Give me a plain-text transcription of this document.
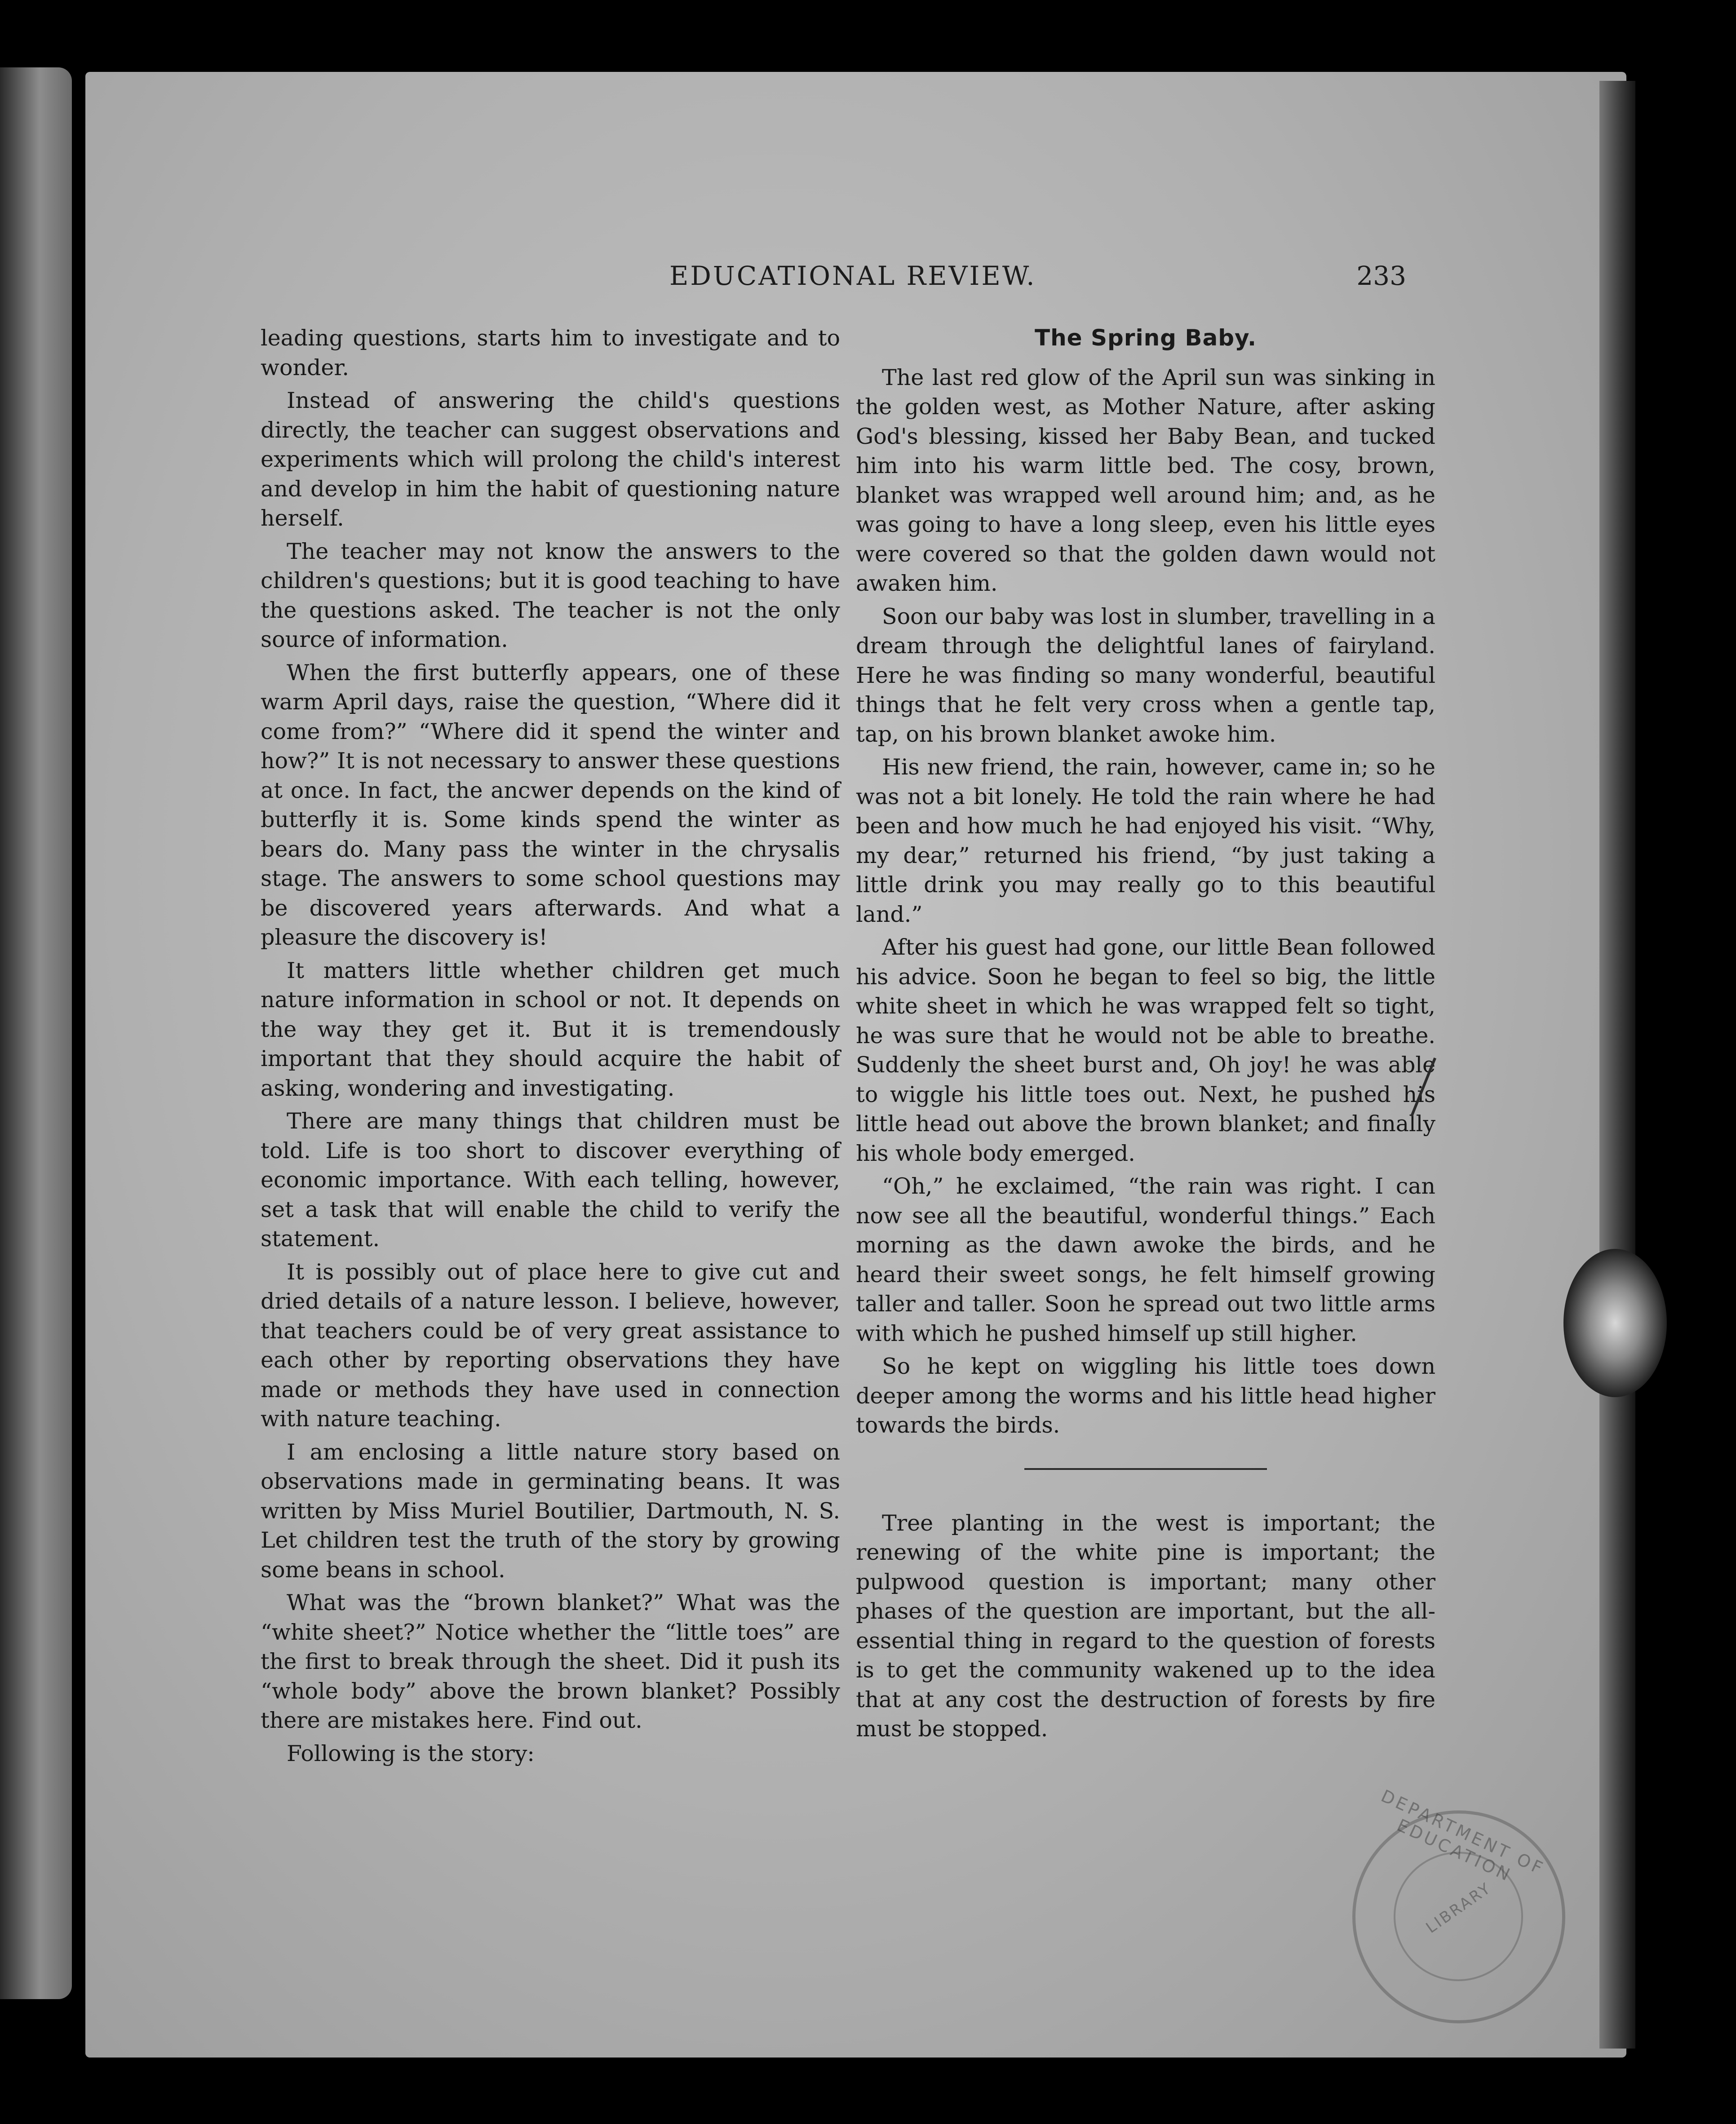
EDUCATIONAL REVIEW.	233

leading questions, starts him to investigate and to wonder.

Instead of answering the child's questions directly, the teacher can suggest observations and experiments which will prolong the child's interest and develop in him the habit of questioning nature herself.

The teacher may not know the answers to the children's questions; but it is good teaching to have the questions asked. The teacher is not the only source of information.

When the first butterfly appears, one of these warm April days, raise the question, “Where did it come from?” “Where did it spend the winter and how?” It is not necessary to answer these questions at once. In fact, the ancwer depends on the kind of butterfly it is. Some kinds spend the winter as bears do. Many pass the winter in the chrysalis stage. The answers to some school questions may be discovered years afterwards. And what a pleasure the discovery is!

It matters little whether children get much nature information in school or not. It depends on the way they get it. But it is tremendously important that they should acquire the habit of asking, wondering and investigating.

There are many things that children must be told. Life is too short to discover everything of economic importance. With each telling, however, set a task that will enable the child to verify the statement.

It is possibly out of place here to give cut and dried details of a nature lesson. I believe, however, that teachers could be of very great assistance to each other by reporting observations they have made or methods they have used in connection with nature teaching.

I am enclosing a little nature story based on observations made in germinating beans. It was written by Miss Muriel Boutilier, Dartmouth, N. S. Let children test the truth of the story by growing some beans in school.

What was the “brown blanket?” What was the “white sheet?” Notice whether the “little toes” are the first to break through the sheet. Did it push its “whole body” above the brown blanket? Possibly there are mistakes here. Find out.

Following is the story:

The Spring Baby.

The last red glow of the April sun was sinking in the golden west, as Mother Nature, after asking God's blessing, kissed her Baby Bean, and tucked him into his warm little bed. The cosy, brown, blanket was wrapped well around him; and, as he was going to have a long sleep, even his little eyes were covered so that the golden dawn would not awaken him.

Soon our baby was lost in slumber, travelling in a dream through the delightful lanes of fairyland. Here he was finding so many wonderful, beautiful things that he felt very cross when a gentle tap, tap, on his brown blanket awoke him.

His new friend, the rain, however, came in; so he was not a bit lonely. He told the rain where he had been and how much he had enjoyed his visit. “Why, my dear,” returned his friend, “by just taking a little drink you may really go to this beautiful land.”

After his guest had gone, our little Bean followed his advice. Soon he began to feel so big, the little white sheet in which he was wrapped felt so tight, he was sure that he would not be able to breathe. Suddenly the sheet burst and, Oh joy! he was able to wiggle his little toes out. Next, he pushed his little head out above the brown blanket; and finally his whole body emerged.

“Oh,” he exclaimed, “the rain was right. I can now see all the beautiful, wonderful things.” Each morning as the dawn awoke the birds, and he heard their sweet songs, he felt himself growing taller and taller. Soon he spread out two little arms with which he pushed himself up still higher.

So he kept on wiggling his little toes down deeper among the worms and his little head higher towards the birds.

Tree planting in the west is important; the renewing of the white pine is important; the pulpwood question is important; many other phases of the question are important, but the all-essential thing in regard to the question of forests is to get the community wakened up to the idea that at any cost the destruction of forests by fire must be stopped.

DEPARTMENT OF EDUCATION
LIBRARY
